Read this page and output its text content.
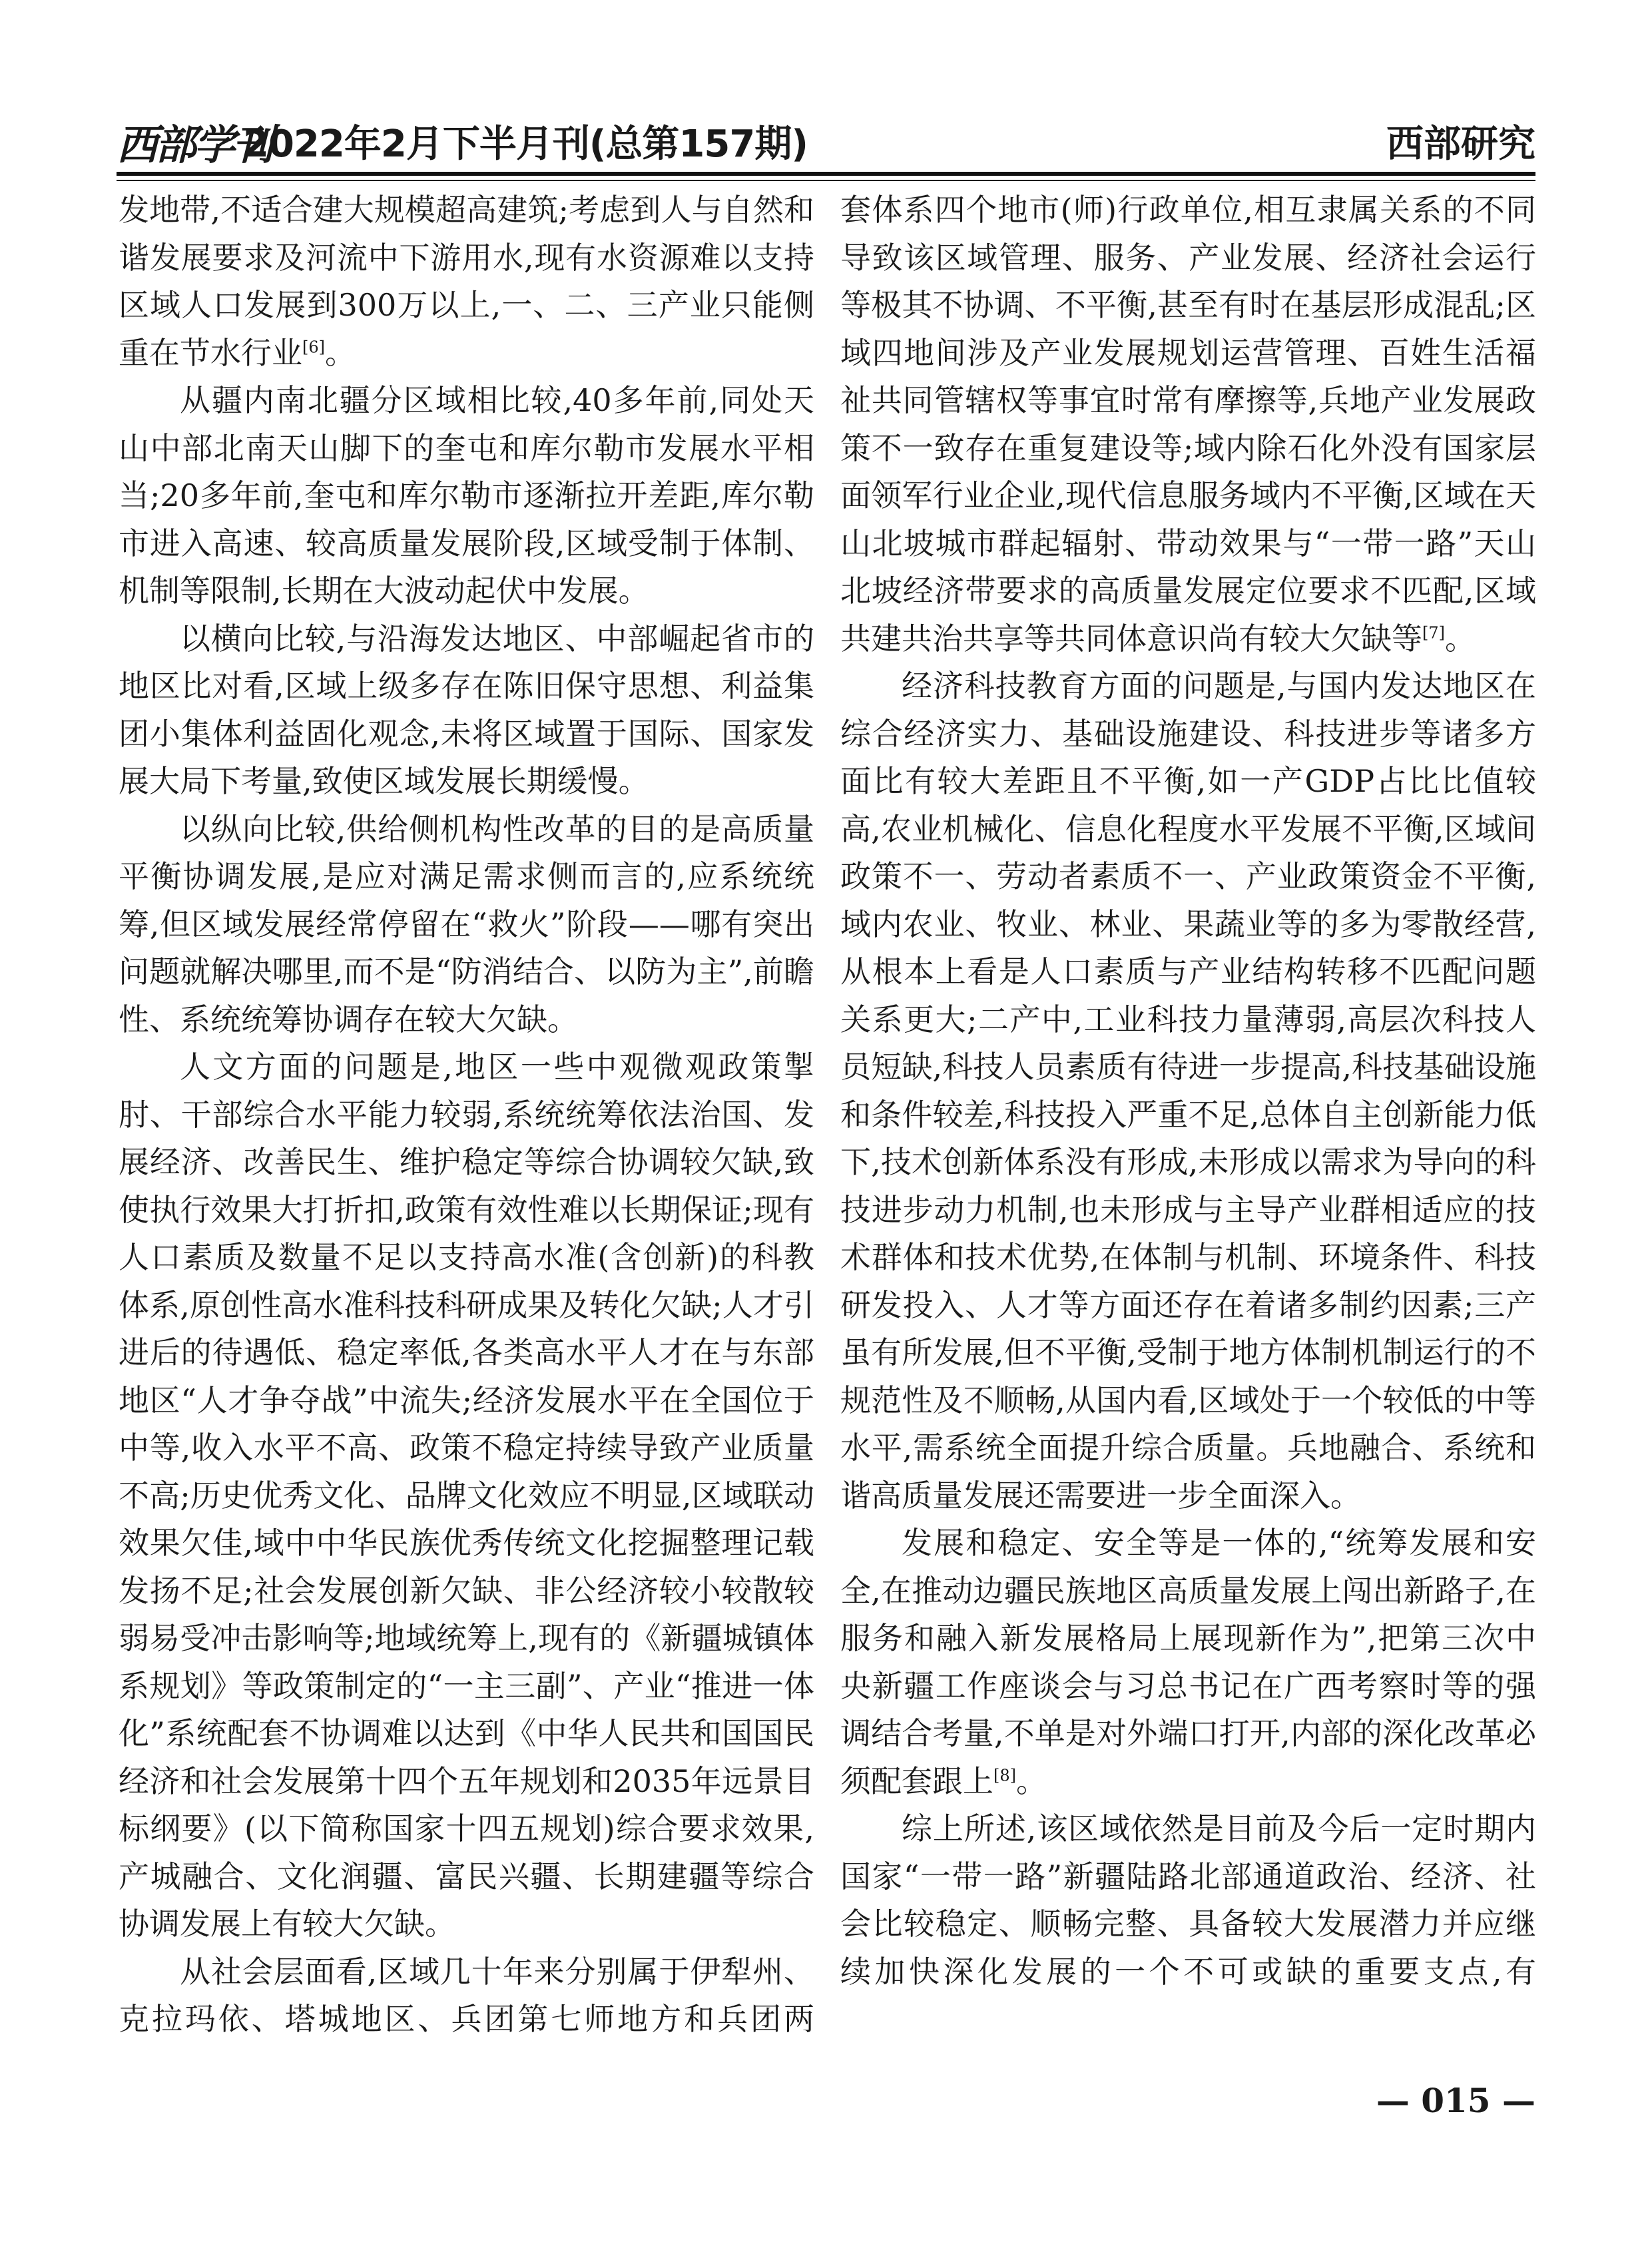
西部学刊
2022年2月下半月刊(总第157期)	西部研究

发地带,不适合建大规模超高建筑;考虑到人与自然和谐发展要求及河流中下游用水,现有水资源难以支持区域人口发展到300万以上,一、二、三产业只能侧重在节水行业[6]。

从疆内南北疆分区域相比较,40多年前,同处天山中部北南天山脚下的奎屯和库尔勒市发展水平相当;20多年前,奎屯和库尔勒市逐渐拉开差距,库尔勒市进入高速、较高质量发展阶段,区域受制于体制、机制等限制,长期在大波动起伏中发展。

以横向比较,与沿海发达地区、中部崛起省市的地区比对看,区域上级多存在陈旧保守思想、利益集团小集体利益固化观念,未将区域置于国际、国家发展大局下考量,致使区域发展长期缓慢。

以纵向比较,供给侧机构性改革的目的是高质量平衡协调发展,是应对满足需求侧而言的,应系统统筹,但区域发展经常停留在“救火”阶段——哪有突出问题就解决哪里,而不是“防消结合、以防为主”,前瞻性、系统统筹协调存在较大欠缺。

人文方面的问题是,地区一些中观微观政策掣肘、干部综合水平能力较弱,系统统筹依法治国、发展经济、改善民生、维护稳定等综合协调较欠缺,致使执行效果大打折扣,政策有效性难以长期保证;现有人口素质及数量不足以支持高水准(含创新)的科教体系,原创性高水准科技科研成果及转化欠缺;人才引进后的待遇低、稳定率低,各类高水平人才在与东部地区“人才争夺战”中流失;经济发展水平在全国位于中等,收入水平不高、政策不稳定持续导致产业质量不高;历史优秀文化、品牌文化效应不明显,区域联动效果欠佳,域中中华民族优秀传统文化挖掘整理记载发扬不足;社会发展创新欠缺、非公经济较小较散较弱易受冲击影响等;地域统筹上,现有的《新疆城镇体系规划》等政策制定的“一主三副”、产业“推进一体化”系统配套不协调难以达到《中华人民共和国国民经济和社会发展第十四个五年规划和2035年远景目标纲要》(以下简称国家十四五规划)综合要求效果,产城融合、文化润疆、富民兴疆、长期建疆等综合协调发展上有较大欠缺。

从社会层面看,区域几十年来分别属于伊犁州、克拉玛依、塔城地区、兵团第七师地方和兵团两

套体系四个地市(师)行政单位,相互隶属关系的不同导致该区域管理、服务、产业发展、经济社会运行等极其不协调、不平衡,甚至有时在基层形成混乱;区域四地间涉及产业发展规划运营管理、百姓生活福祉共同管辖权等事宜时常有摩擦等,兵地产业发展政策不一致存在重复建设等;域内除石化外没有国家层面领军行业企业,现代信息服务域内不平衡,区域在天山北坡城市群起辐射、带动效果与“一带一路”天山北坡经济带要求的高质量发展定位要求不匹配,区域共建共治共享等共同体意识尚有较大欠缺等[7]。

经济科技教育方面的问题是,与国内发达地区在综合经济实力、基础设施建设、科技进步等诸多方面比有较大差距且不平衡,如一产GDP占比比值较高,农业机械化、信息化程度水平发展不平衡,区域间政策不一、劳动者素质不一、产业政策资金不平衡,域内农业、牧业、林业、果蔬业等的多为零散经营,从根本上看是人口素质与产业结构转移不匹配问题关系更大;二产中,工业科技力量薄弱,高层次科技人员短缺,科技人员素质有待进一步提高,科技基础设施和条件较差,科技投入严重不足,总体自主创新能力低下,技术创新体系没有形成,未形成以需求为导向的科技进步动力机制,也未形成与主导产业群相适应的技术群体和技术优势,在体制与机制、环境条件、科技研发投入、人才等方面还存在着诸多制约因素;三产虽有所发展,但不平衡,受制于地方体制机制运行的不规范性及不顺畅,从国内看,区域处于一个较低的中等水平,需系统全面提升综合质量。兵地融合、系统和谐高质量发展还需要进一步全面深入。

发展和稳定、安全等是一体的,“统筹发展和安全,在推动边疆民族地区高质量发展上闯出新路子,在服务和融入新发展格局上展现新作为”,把第三次中央新疆工作座谈会与习总书记在广西考察时等的强调结合考量,不单是对外端口打开,内部的深化改革必须配套跟上[8]。

综上所述,该区域依然是目前及今后一定时期内国家“一带一路”新疆陆路北部通道政治、经济、社会比较稳定、顺畅完整、具备较大发展潜力并应继续加快深化发展的一个不可或缺的重要支点,有

— 015 —
